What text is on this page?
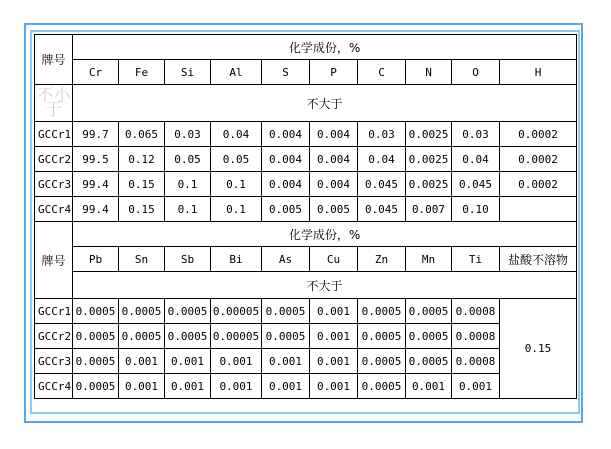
牌号	化学成份，%									
	Cr	Fe	Si	Al	S	P	C	N	O	H
不小于	不大于									
GCCr1	99.7	0.065	0.03	0.04	0.004	0.004	0.03	0.0025	0.03	0.0002
GCCr2	99.5	0.12	0.05	0.05	0.004	0.004	0.04	0.0025	0.04	0.0002
GCCr3	99.4	0.15	0.1	0.1	0.004	0.004	0.045	0.0025	0.045	0.0002
GCCr4	99.4	0.15	0.1	0.1	0.005	0.005	0.045	0.007	0.10	
牌号	化学成份，%									
	Pb	Sn	Sb	Bi	As	Cu	Zn	Mn	Ti	盐酸不溶物
	不大于									
GCCr1	0.0005	0.0005	0.0005	0.00005	0.0005	0.001	0.0005	0.0005	0.0008	0.15
GCCr2	0.0005	0.0005	0.0005	0.00005	0.0005	0.001	0.0005	0.0005	0.0008	
GCCr3	0.0005	0.001	0.001	0.001	0.001	0.001	0.0005	0.0005	0.0008	
GCCr4	0.0005	0.001	0.001	0.001	0.001	0.001	0.0005	0.001	0.001	
